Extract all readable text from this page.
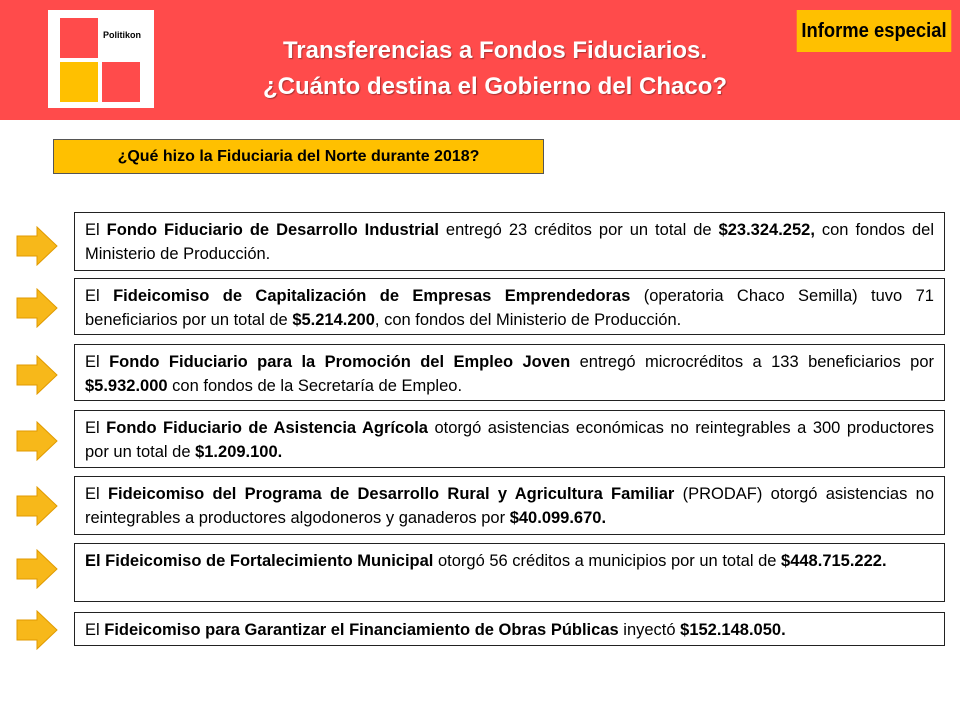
Politikon
Transferencias a Fondos Fiduciarios.
¿Cuánto destina el Gobierno del Chaco?
Informe especial
¿Qué hizo la Fiduciaria del Norte durante 2018?
El Fondo Fiduciario de Desarrollo Industrial entregó 23 créditos por un total de $23.324.252, con fondos del Ministerio de Producción.
El Fideicomiso de Capitalización de Empresas Emprendedoras (operatoria Chaco Semilla) tuvo 71 beneficiarios por un total de $5.214.200, con fondos del Ministerio de Producción.
El Fondo Fiduciario para la Promoción del Empleo Joven entregó microcréditos a 133 beneficiarios por $5.932.000 con fondos de la Secretaría de Empleo.
El Fondo Fiduciario de Asistencia Agrícola otorgó asistencias económicas no reintegrables a 300 productores por un total de $1.209.100.
El Fideicomiso del Programa de Desarrollo Rural y Agricultura Familiar (PRODAF) otorgó asistencias no reintegrables a productores algodoneros y ganaderos por $40.099.670.
El Fideicomiso de Fortalecimiento Municipal otorgó 56 créditos a municipios por un total de $448.715.222.
El Fideicomiso para Garantizar el Financiamiento de Obras Públicas inyectó $152.148.050.
